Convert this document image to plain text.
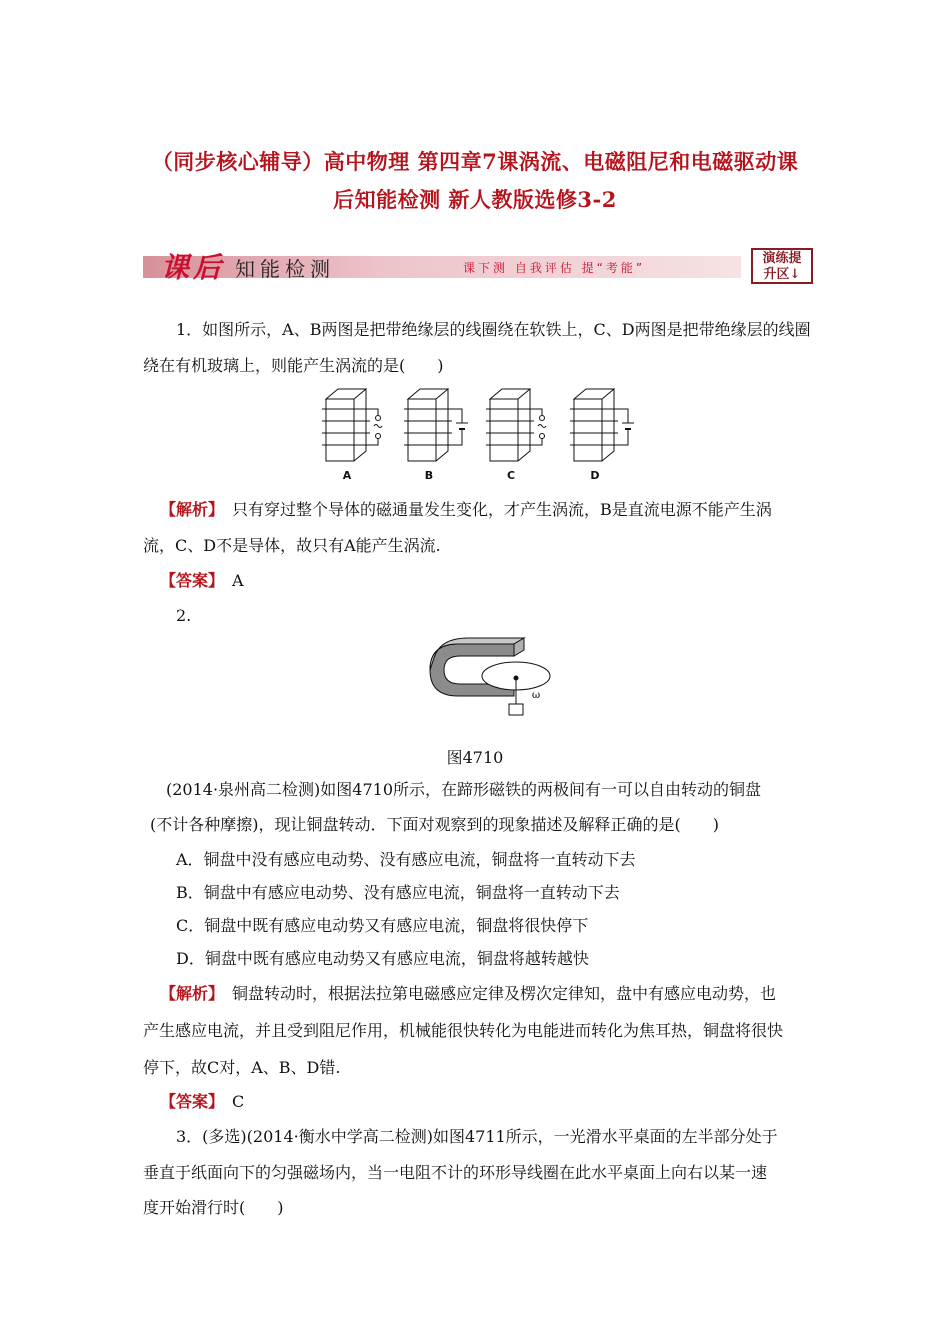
（同步核心辅导）高中物理 第四章7课涡流、电磁阻尼和电磁驱动课
后知能检测 新人教版选修3-2
课后 知能检测	课下测 自我评估 提“考能”
演练提
升区↓
1．如图所示，A、B两图是把带绝缘层的线圈绕在软铁上，C、D两图是把带绝缘层的线圈
绕在有机玻璃上，则能产生涡流的是(　　)
A	B	C	D
【解析】　 只有穿过整个导体的磁通量发生变化，才产生涡流，B是直流电源不能产生涡
流，C、D不是导体，故只有A能产生涡流.
【答案】　 A
2.
ω
图4710
(2014·泉州高二检测)如图4710所示，在蹄形磁铁的两极间有一可以自由转动的铜盘
(不计各种摩擦)，现让铜盘转动．下面对观察到的现象描述及解释正确的是(　　)
A．铜盘中没有感应电动势、没有感应电流，铜盘将一直转动下去
B．铜盘中有感应电动势、没有感应电流，铜盘将一直转动下去
C．铜盘中既有感应电动势又有感应电流，铜盘将很快停下
D．铜盘中既有感应电动势又有感应电流，铜盘将越转越快
【解析】　 铜盘转动时，根据法拉第电磁感应定律及楞次定律知，盘中有感应电动势，也
产生感应电流，并且受到阻尼作用，机械能很快转化为电能进而转化为焦耳热，铜盘将很快
停下，故C对，A、B、D错.
【答案】　 C
3．(多选)(2014·衡水中学高二检测)如图4711所示，一光滑水平桌面的左半部分处于
垂直于纸面向下的匀强磁场内，当一电阻不计的环形导线圈在此水平桌面上向右以某一速
度开始滑行时(　　)
